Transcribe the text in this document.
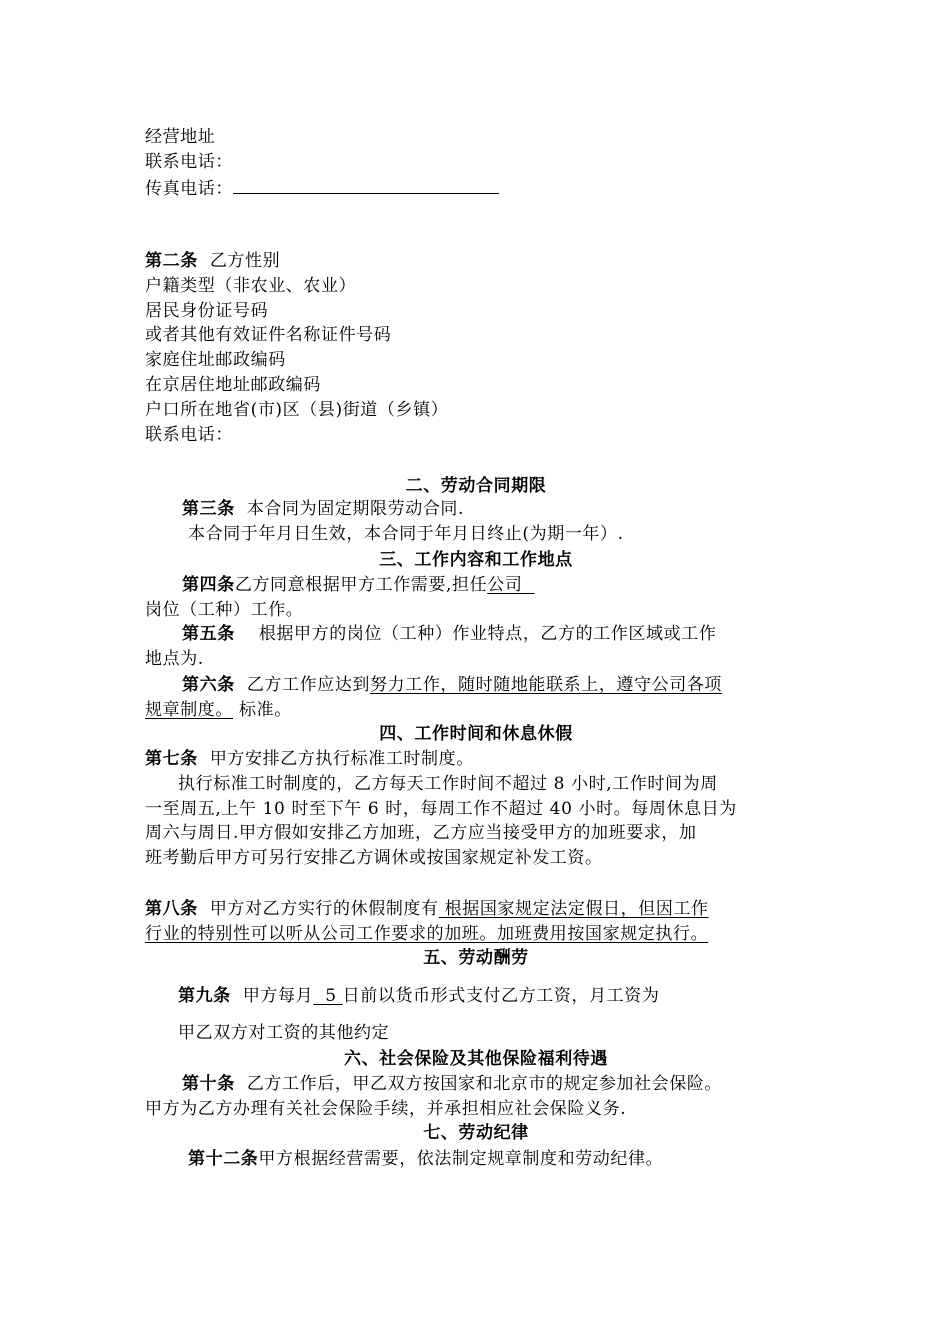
经营地址
联系电话：
传真电话：
第二条 乙方性别
户籍类型（非农业、农业）
居民身份证号码
或者其他有效证件名称证件号码
家庭住址邮政编码
在京居住地址邮政编码
户口所在地省(市)区（县)街道（乡镇）
联系电话：
二、劳动合同期限
第三条 本合同为固定期限劳动合同.
本合同于年月日生效，本合同于年月日终止(为期一年）.
三、工作内容和工作地点
第四条乙方同意根据甲方工作需要,担任公司
岗位（工种）工作。
第五条 根据甲方的岗位（工种）作业特点，乙方的工作区域或工作
地点为.
第六条 乙方工作应达到努力工作，随时随地能联系上，遵守公司各项
规章制度。 标准。
四、工作时间和休息休假
第七条 甲方安排乙方执行标准工时制度。
执行标准工时制度的，乙方每天工作时间不超过 8 小时,工作时间为周
一至周五,上午 10 时至下午 6 时，每周工作不超过 40 小时。每周休息日为
周六与周日.甲方假如安排乙方加班，乙方应当接受甲方的加班要求，加
班考勤后甲方可另行安排乙方调休或按国家规定补发工资。
第八条 甲方对乙方实行的休假制度有 根据国家规定法定假日，但因工作
行业的特别性可以听从公司工作要求的加班。加班费用按国家规定执行。
五、劳动酬劳
第九条 甲方每月  5 日前以货币形式支付乙方工资，月工资为
甲乙双方对工资的其他约定
六、社会保险及其他保险福利待遇
第十条 乙方工作后，甲乙双方按国家和北京市的规定参加社会保险。
甲方为乙方办理有关社会保险手续，并承担相应社会保险义务.
七、劳动纪律
第十二条甲方根据经营需要，依法制定规章制度和劳动纪律。
